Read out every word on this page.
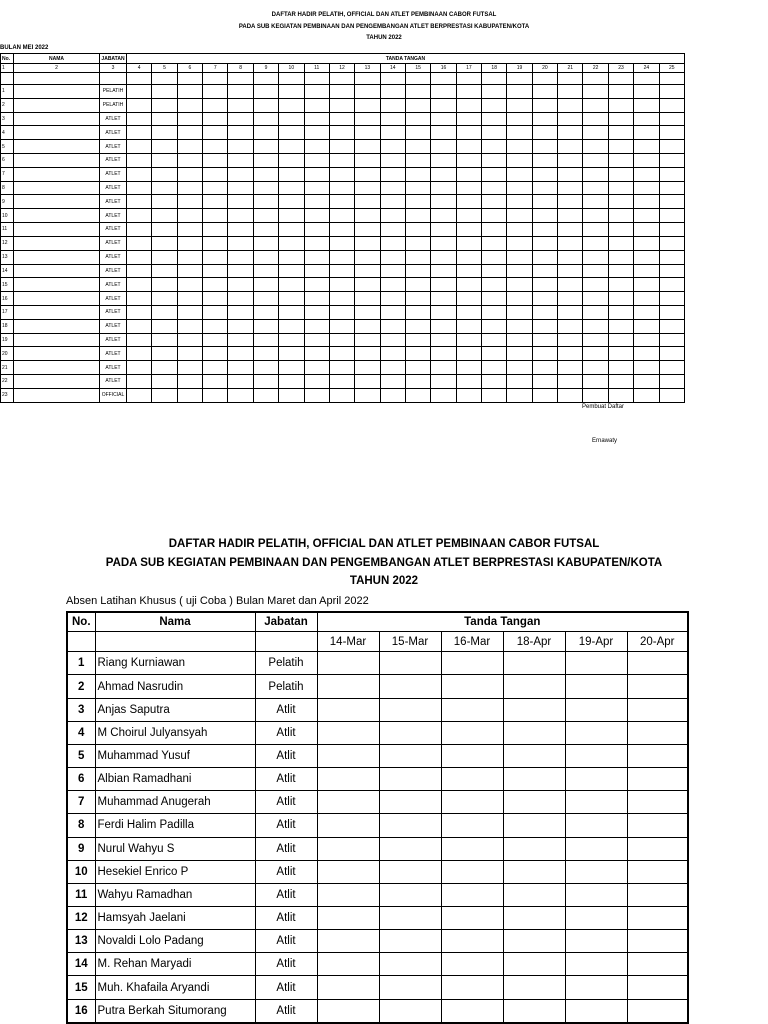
DAFTAR HADIR PELATIH, OFFICIAL DAN ATLET PEMBINAAN CABOR FUTSAL
PADA SUB KEGIATAN PEMBINAAN DAN PENGEMBANGAN ATLET BERPRESTASI KABUPATEN/KOTA
TAHUN 2022
BULAN MEI 2022
No.	NAMA	JABATAN	TANDA TANGAN																					
1	2	3	4	5	6	7	8	9	10	11	12	13	14	15	16	17	18	19	20	21	22	23	24	25

1		PELATIH																						
2		PELATIH																						
3		ATLET																						
4		ATLET																						
5		ATLET																						
6		ATLET																						
7		ATLET																						
8		ATLET																						
9		ATLET																						
10		ATLET																						
11		ATLET																						
12		ATLET																						
13		ATLET																						
14		ATLET																						
15		ATLET																						
16		ATLET																						
17		ATLET																						
18		ATLET																						
19		ATLET																						
20		ATLET																						
21		ATLET																						
22		ATLET																						
23		OFFICIAL																						
Pembuat Daftar
Ernawaty
DAFTAR HADIR PELATIH, OFFICIAL DAN ATLET PEMBINAAN CABOR FUTSAL
PADA SUB KEGIATAN PEMBINAAN DAN PENGEMBANGAN ATLET BERPRESTASI KABUPATEN/KOTA
TAHUN 2022
Absen Latihan Khusus ( uji Coba ) Bulan Maret dan April 2022
No.	Nama	Jabatan	Tanda Tangan					
			14-Mar	15-Mar	16-Mar	18-Apr	19-Apr	20-Apr
1	Riang Kurniawan	Pelatih						
2	Ahmad Nasrudin	Pelatih						
3	Anjas Saputra	Atlit						
4	M Choirul Julyansyah	Atlit						
5	Muhammad Yusuf	Atlit						
6	Albian Ramadhani	Atlit						
7	Muhammad Anugerah	Atlit						
8	Ferdi Halim Padilla	Atlit						
9	Nurul Wahyu S	Atlit						
10	Hesekiel Enrico P	Atlit						
11	Wahyu Ramadhan	Atlit						
12	Hamsyah Jaelani	Atlit						
13	Novaldi Lolo Padang	Atlit						
14	M. Rehan Maryadi	Atlit						
15	Muh. Khafaila Aryandi	Atlit						
16	Putra Berkah Situmorang	Atlit						
